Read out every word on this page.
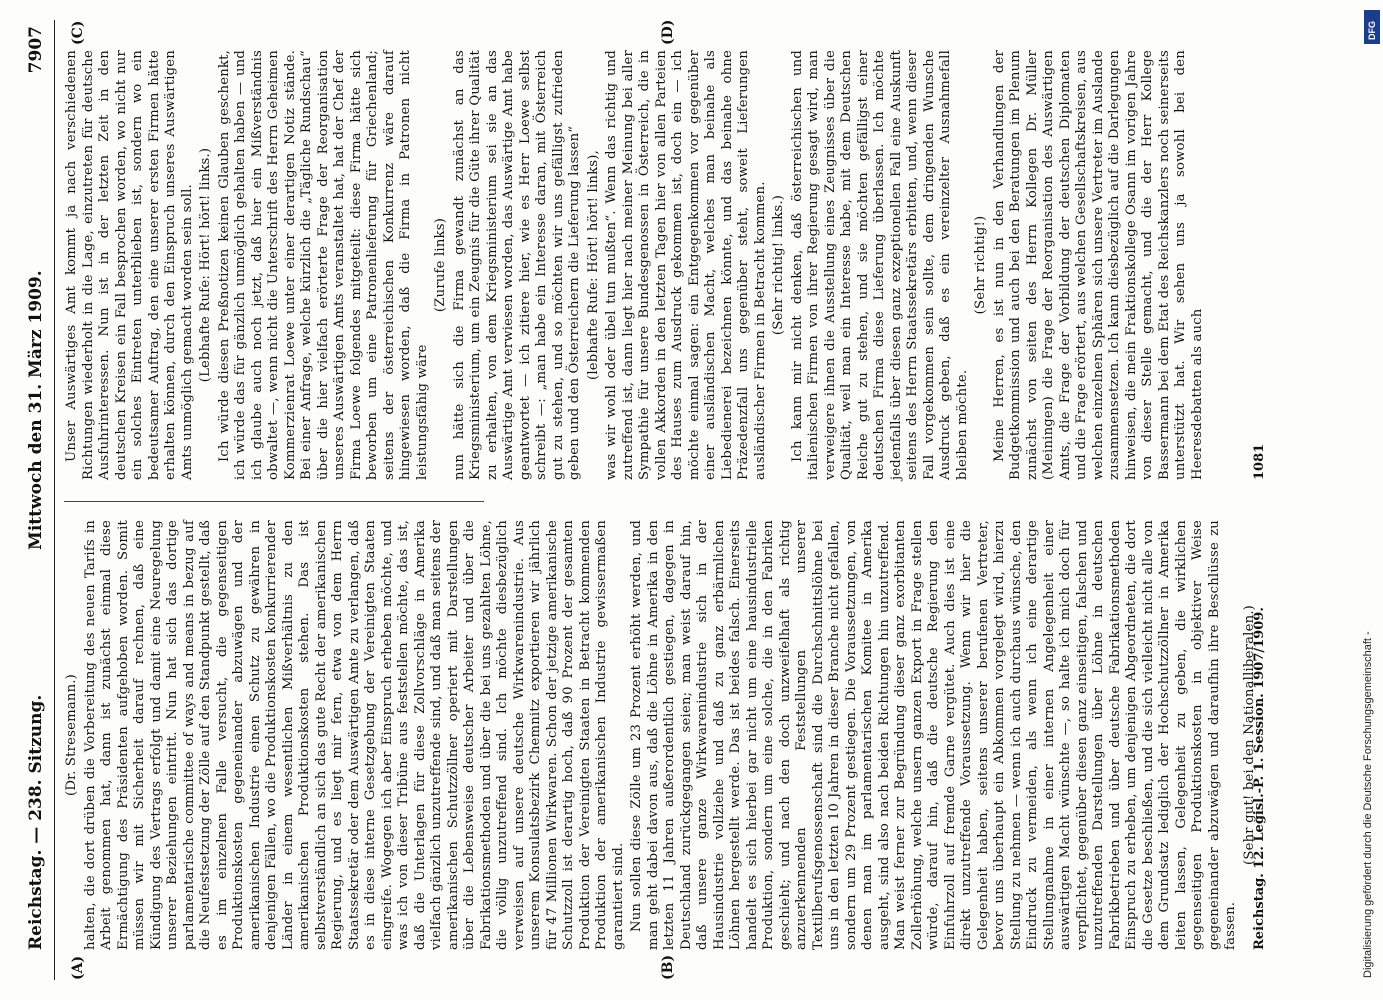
Reichstag. — 238. Sitzung.
Mittwoch den 31. März 1909.
7907
(A)	(B)
(C)	(D)

(Dr. Stresemann.) halten, die dort drüben die Vorbereitung des neuen Tarifs in Arbeit genommen hat, dann ist zunächst einmal diese Ermächtigung des Präsidenten aufgehoben worden. Somit müssen wir mit Sicherheit darauf rechnen, daß eine Kündigung des Vertrags erfolgt und damit eine Neuregelung unserer Beziehungen eintritt. Nun hat sich das dortige parlamentarische committee of ways and means in bezug auf die Neufestsetzung der Zölle auf den Standpunkt gestellt, daß es im einzelnen Falle versucht, die gegenseitigen Produktionskosten gegeneinander abzuwägen und der amerikanischen Industrie einen Schutz zu gewähren in denjenigen Fällen, wo die Produktionskosten konkurrierender Länder in einem wesentlichen Mißverhältnis zu den amerikanischen Produktionskosten stehen. Das ist selbstverständlich an sich das gute Recht der amerikanischen Regierung, und es liegt mir fern, etwa von dem Herrn Staatssekretär oder dem Auswärtigen Amte zu verlangen, daß es in diese interne Gesetzgebung der Vereinigten Staaten eingreife. Wogegen ich aber Einspruch erheben möchte, und was ich von dieser Tribüne aus feststellen möchte, das ist, daß die Unterlagen für diese Zollvorschläge in Amerika vielfach gänzlich unzutreffende sind, und daß man seitens der amerikanischen Schutzzöllner operiert mit Darstellungen über die Lebensweise deutscher Arbeiter und über die Fabrikationsmethoden und über die bei uns gezahlten Löhne, die völlig unzutreffend sind. Ich möchte diesbezüglich verweisen auf unsere deutsche Wirkwarenindustrie. Aus unserem Konsulatsbezirk Chemnitz exportieren wir jährlich für 47 Millionen Wirkwaren. Schon der jetzige amerikanische Schutzzoll ist derartig hoch, daß 90 Prozent der gesamten Produktion der Vereinigten Staaten in Betracht kommenden Produktion der amerikanischen Industrie gewissermaßen garantiert sind. Nun sollen diese Zölle um 23 Prozent erhöht werden, und man geht dabei davon aus, daß die Löhne in Amerika in den letzten 11 Jahren außerordentlich gestiegen, dagegen in Deutschland zurückgegangen seien; man weist darauf hin, daß unsere ganze Wirkwarenindustrie sich in der Hausindustrie vollziehe und daß zu ganz erbärmlichen Löhnen hergestellt werde. Das ist beides falsch. Einerseits handelt es sich hierbei gar nicht um eine hausindustrielle Produktion, sondern um eine solche, die in den Fabriken geschieht; und nach den doch unzweifelhaft als richtig anzuerkennenden Feststellungen unserer Textilberufsgenossenschaft sind die Durchschnittslöhne bei uns in den letzten 10 Jahren in dieser Branche nicht gefallen, sondern um 29 Prozent gestiegen. Die Voraussetzungen, von denen man im parlamentarischen Komitee in Amerika ausgeht, sind also nach beiden Richtungen hin unzutreffend. Man weist ferner zur Begründung dieser ganz exorbitanten Zollerhöhung, welche unsern ganzen Export in Frage stellen würde, darauf hin, daß die deutsche Regierung den Einfuhrzoll auf fremde Garne vergütet. Auch dies ist eine direkt unzutreffende Voraussetzung. Wenn wir hier die Gelegenheit haben, seitens unserer berufenen Vertreter, bevor uns überhaupt ein Abkommen vorgelegt wird, hierzu Stellung zu nehmen — wenn ich auch durchaus wünsche, den Eindruck zu vermeiden, als wenn ich eine derartige Stellungnahme in einer internen Angelegenheit einer auswärtigen Macht wünschte —, so halte ich mich doch für verpflichtet, gegenüber diesen ganz einseitigen, falschen und unzutreffenden Darstellungen über Löhne in deutschen Fabrikbetrieben und über deutsche Fabrikationsmethoden Einspruch zu erheben, um denjenigen Abgeordneten, die dort die Gesetze beschließen, und die sich vielleicht nicht alle von dem Grundsatz lediglich der Hochschutzzöllner in Amerika leiten lassen, Gelegenheit zu geben, die wirklichen gegenseitigen Produktionskosten in objektiver Weise gegeneinander abzuwägen und daraufhin ihre Beschlüsse zu fassen.

(Sehr gut! bei den Nationalliberalen.)

Unser Auswärtiges Amt kommt ja nach verschiedenen Richtungen wiederholt in die Lage, einzutreten für deutsche Ausfuhrinteressen. Nun ist in der letzten Zeit in den deutschen Kreisen ein Fall besprochen worden, wo nicht nur ein solches Eintreten unterblieben ist, sondern wo ein bedeutsamer Auftrag, den eine unserer ersten Firmen hätte erhalten können, durch den Einspruch unseres Auswärtigen Amts unmöglich gemacht worden sein soll. (Lebhafte Rufe: Hört! hört! links.) Ich würde diesen Preßnotizen keinen Glauben geschenkt, ich würde das für gänzlich unmöglich gehalten haben — und ich glaube auch noch jetzt, daß hier ein Mißverständnis obwaltet —, wenn nicht die Unterschrift des Herrn Geheimen Kommerzienrat Loewe unter einer derartigen Notiz stände. Bei einer Anfrage, welche kürzlich die „Tägliche Rundschau“ über die hier vielfach erörterte Frage der Reorganisation unseres Auswärtigen Amts veranstaltet hat, hat der Chef der Firma Loewe folgendes mitgeteilt: diese Firma hätte sich beworben um eine Patronenlieferung für Griechenland; seitens der österreichischen Konkurrenz wäre darauf hingewiesen worden, daß die Firma in Patronen nicht leistungsfähig wäre

(Zurufe links) nun hätte sich die Firma gewandt zunächst an das Kriegsministerium, um ein Zeugnis für die Güte ihrer Qualität zu erhalten, von dem Kriegsministerium sei sie an das Auswärtige Amt verwiesen worden, das Auswärtige Amt habe geantwortet — ich zitiere hier, wie es Herr Loewe selbst schreibt —: „man habe ein Interesse daran, mit Österreich gut zu stehen, und so möchten wir uns gefälligst zufrieden geben und den Österreichern die Lieferung lassen“ (lebhafte Rufe: Hört! hört! links), was wir wohl oder übel tun mußten“. Wenn das richtig und zutreffend ist, dann liegt hier nach meiner Meinung bei aller Sympathie für unsere Bundesgenossen in Österreich, die in vollen Akkorden in den letzten Tagen hier von allen Parteien des Hauses zum Ausdruck gekommen ist, doch ein — ich möchte einmal sagen: ein Entgegenkommen vor gegenüber einer ausländischen Macht, welches man beinahe als Liebedienerei bezeichnen könnte, und das beinahe ohne Präzedenzfall uns gegenüber steht, soweit Lieferungen ausländischer Firmen in Betracht kommen. (Sehr richtig! links.) Ich kann mir nicht denken, daß österreichischen und italienischen Firmen von ihrer Regierung gesagt wird, man verweigere ihnen die Ausstellung eines Zeugnisses über die Qualität, weil man ein Interesse habe, mit dem Deutschen Reiche gut zu stehen, und sie möchten gefälligst einer deutschen Firma diese Lieferung überlassen. Ich möchte jedenfalls über diesen ganz exzeptionellen Fall eine Auskunft seitens des Herrn Staatssekretärs erbitten, und, wenn dieser Fall vorgekommen sein sollte, dem dringenden Wunsche Ausdruck geben, daß es ein vereinzelter Ausnahmefall bleiben möchte.

(Sehr richtig!) Meine Herren, es ist nun in den Verhandlungen der Budgetkommission und auch bei den Beratungen im Plenum zunächst von seiten des Herrn Kollegen Dr. Müller (Meiningen) die Frage der Reorganisation des Auswärtigen Amts, die Frage der Vorbildung der deutschen Diplomaten und die Frage erörtert, aus welchen Gesellschaftskreisen, aus welchen einzelnen Sphären sich unsere Vertreter im Auslande zusammensetzen. Ich kann diesbezüglich auf die Darlegungen hinweisen, die mein Fraktionskollege Osann im vorigen Jahre von dieser Stelle gemacht, und die der Herr Kollege Bassermann bei dem Etat des Reichskanzlers noch seinerseits unterstützt hat. Wir sehen uns ja sowohl bei den Heeresdebatten als auch

Reichstag. 12. Legisl.-P. 1. Session. 1907/1909.
1081
DFG
Digitalisierung gefördert durch die Deutsche Forschungsgemeinschaft -
